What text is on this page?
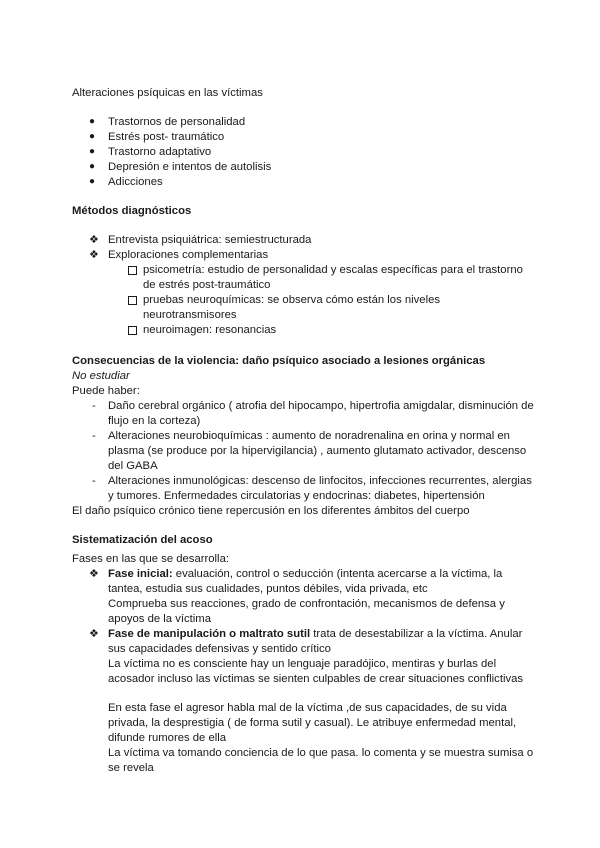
Alteraciones psíquicas en las víctimas
● Trastornos de personalidad
● Estrés post- traumático
● Trastorno adaptativo
● Depresión e intentos de autolisis
● Adicciones
Métodos diagnósticos
❖ Entrevista psiquiátrica: semiestructurada
❖ Exploraciones complementarias
psicometría: estudio de personalidad y escalas específicas para el trastorno
de estrés post-traumático
pruebas neuroquímicas: se observa cómo están los niveles
neurotransmisores
neuroimagen: resonancias
Consecuencias de la violencia: daño psíquico asociado a lesiones orgánicas
No estudiar
Puede haber:
- Daño cerebral orgánico ( atrofia del hipocampo, hipertrofia amigdalar, disminución de
flujo en la corteza)
- Alteraciones neurobioquímicas : aumento de noradrenalina en orina y normal en
plasma (se produce por la hipervigilancia) , aumento glutamato activador, descenso
del GABA
- Alteraciones inmunológicas: descenso de linfocitos, infecciones recurrentes, alergias
y tumores. Enfermedades circulatorias y endocrinas: diabetes, hipertensión
El daño psíquico crónico tiene repercusión en los diferentes ámbitos del cuerpo
Sistematización del acoso
Fases en las que se desarrolla:
❖ Fase inicial: evaluación, control o seducción (intenta acercarse a la víctima, la
tantea, estudia sus cualidades, puntos débiles, vida privada, etc
Comprueba sus reacciones, grado de confrontación, mecanismos de defensa y
apoyos de la víctima
❖ Fase de manipulación o maltrato sutil trata de desestabilizar a la víctima. Anular
sus capacidades defensivas y sentido crítico
La víctima no es consciente hay un lenguaje paradójico, mentiras y burlas del
acosador incluso las víctimas se sienten culpables de crear situaciones conflictivas
En esta fase el agresor habla mal de la víctima ,de sus capacidades, de su vida
privada, la desprestigia ( de forma sutil y casual). Le atribuye enfermedad mental,
difunde rumores de ella
La víctima va tomando conciencia de lo que pasa. lo comenta y se muestra sumisa o
se revela
